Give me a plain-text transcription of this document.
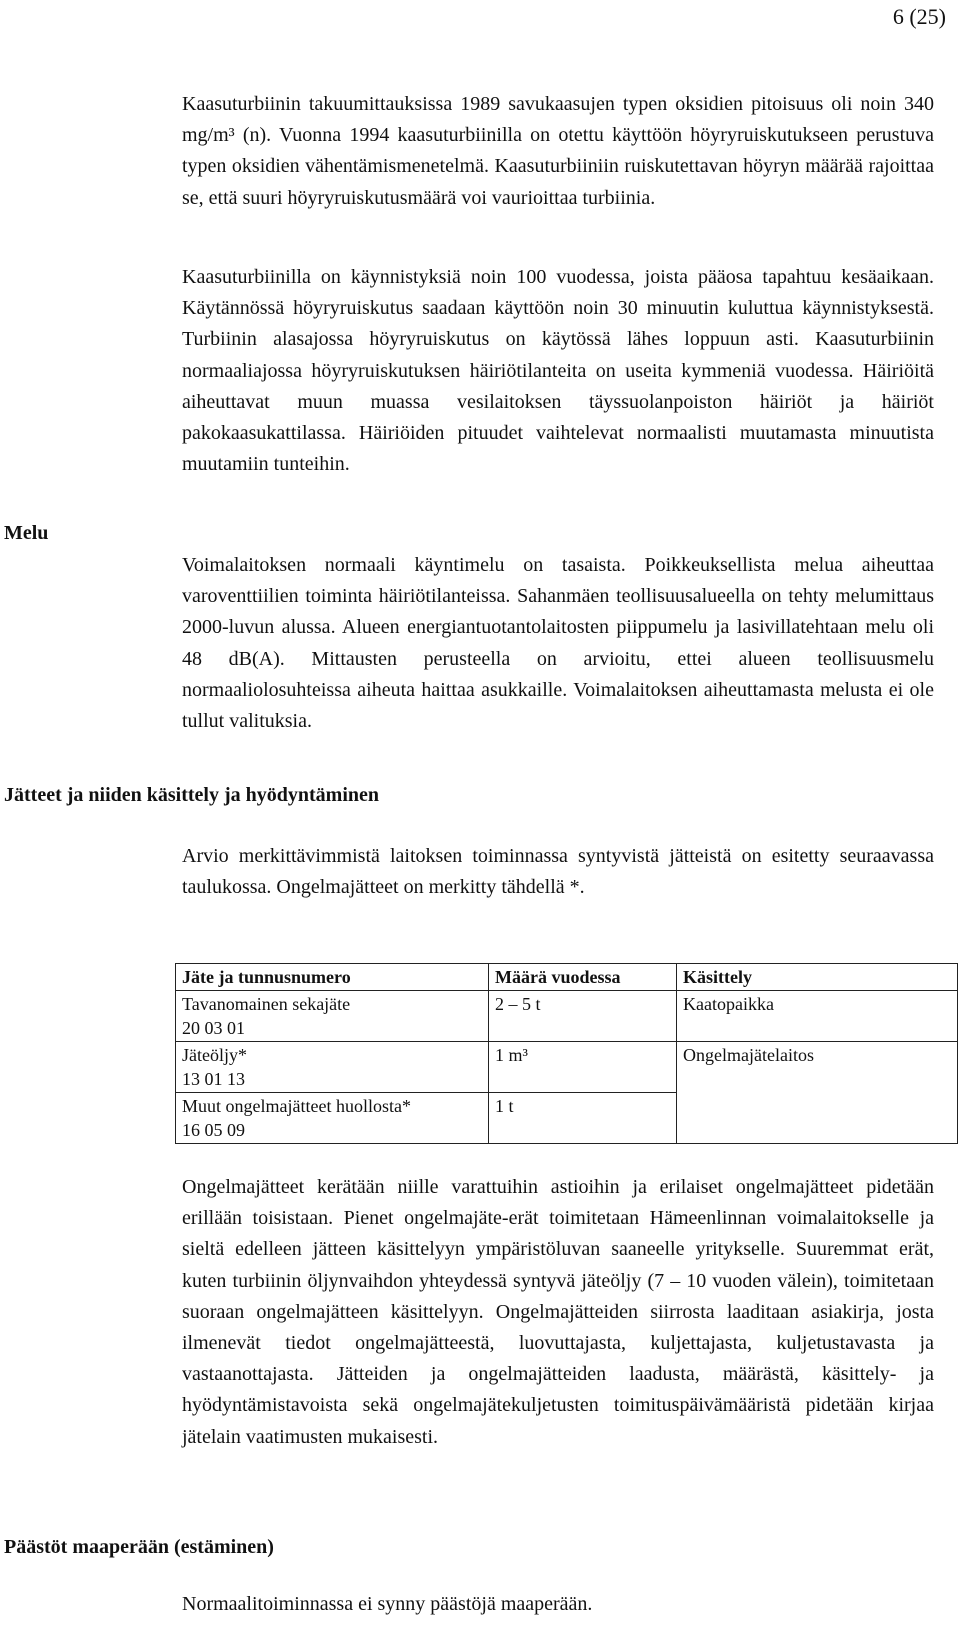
6 (25)

Kaasuturbiinin takuumittauksissa 1989 savukaasujen typen oksidien pitoisuus oli noin 340 mg/m³ (n). Vuonna 1994 kaasuturbiinilla on otettu käyttöön höyryruiskutukseen perustuva typen oksidien vähentämismenetelmä. Kaasuturbiiniin ruiskutettavan höyryn määrää rajoittaa se, että suuri höyryruiskutusmäärä voi vaurioittaa turbiinia.

Kaasuturbiinilla on käynnistyksiä noin 100 vuodessa, joista pääosa tapahtuu kesäaikaan. Käytännössä höyryruiskutus saadaan käyttöön noin 30 minuutin kuluttua käynnistyksestä. Turbiinin alasajossa höyryruiskutus on käytössä lähes loppuun asti. Kaasuturbiinin normaaliajossa höyryruiskutuksen häiriötilanteita on useita kymmeniä vuodessa. Häiriöitä aiheuttavat muun muassa vesilaitoksen täyssuolanpoiston häiriöt ja häiriöt pakokaasukattilassa. Häiriöiden pituudet vaihtelevat normaalisti muutamasta minuutista muutamiin tunteihin.

Melu

Voimalaitoksen normaali käyntimelu on tasaista. Poikkeuksellista melua aiheuttaa varoventtiilien toiminta häiriötilanteissa. Sahanmäen teollisuusalueella on tehty melumittaus 2000-luvun alussa. Alueen energiantuotantolaitosten piippumelu ja lasivillatehtaan melu oli 48 dB(A). Mittausten perusteella on arvioitu, ettei alueen teollisuusmelu normaaliolosuhteissa aiheuta haittaa asukkaille. Voimalaitoksen aiheuttamasta melusta ei ole tullut valituksia.

Jätteet ja niiden käsittely ja hyödyntäminen

Arvio merkittävimmistä laitoksen toiminnassa syntyvistä jätteistä on esitetty seuraavassa taulukossa. Ongelmajätteet on merkitty tähdellä *.

Jäte ja tunnusnumero	Määrä vuodessa	Käsittely

Tavanomainen sekajäte
20 03 01	2 – 5 t	Kaatopaikka

Jäteöljy*
13 01 13	1 m³	Ongelmajätelaitos

Muut ongelmajätteet huollosta*
16 05 09	1 t	

Ongelmajätteet kerätään niille varattuihin astioihin ja erilaiset ongelmajätteet pidetään erillään toisistaan. Pienet ongelmajäte-erät toimitetaan Hämeenlinnan voimalaitokselle ja sieltä edelleen jätteen käsittelyyn ympäristöluvan saaneelle yritykselle. Suuremmat erät, kuten turbiinin öljynvaihdon yhteydessä syntyvä jäteöljy (7 – 10 vuoden välein), toimitetaan suoraan ongelmajätteen käsittelyyn. Ongelmajätteiden siirrosta laaditaan asiakirja, josta ilmenevät tiedot ongelmajätteestä, luovuttajasta, kuljettajasta, kuljetustavasta ja vastaanottajasta. Jätteiden ja ongelmajätteiden laadusta, määrästä, käsittely- ja hyödyntämistavoista sekä ongelmajätekuljetusten toimituspäivämääristä pidetään kirjaa jätelain vaatimusten mukaisesti.

Päästöt maaperään (estäminen)

Normaalitoiminnassa ei synny päästöjä maaperään.
